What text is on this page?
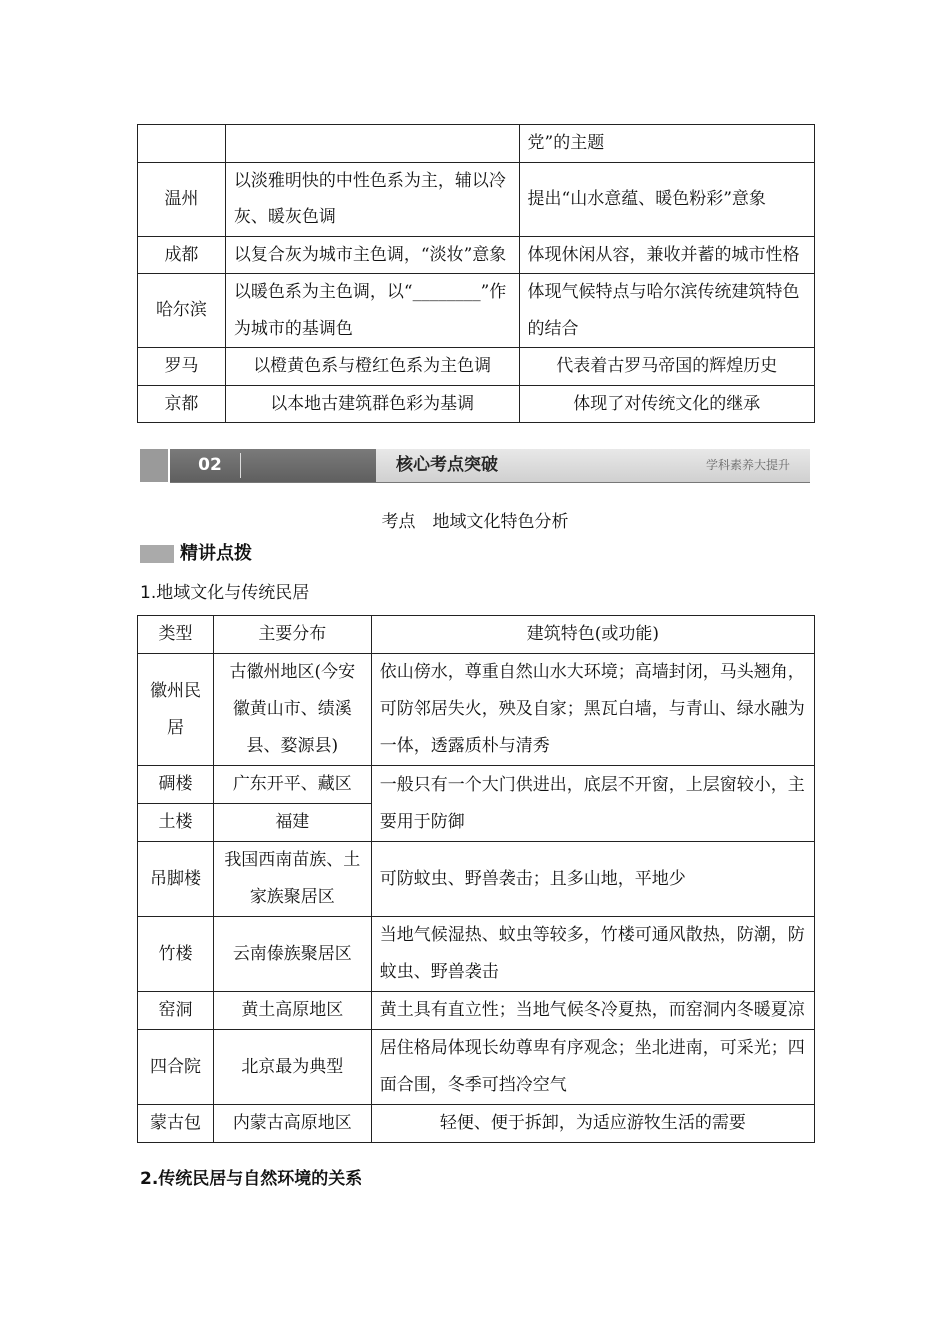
		党”的主题
温州	以淡雅明快的中性色系为主，辅以冷灰、暖灰色调	提出“山水意蕴、暖色粉彩”意象
成都	以复合灰为城市主色调，“淡妆”意象	体现休闲从容，兼收并蓄的城市性格
哈尔滨	以暖色系为主色调，以“________”作为城市的基调色	体现气候特点与哈尔滨传统建筑特色的结合
罗马	以橙黄色系与橙红色系为主色调	代表着古罗马帝国的辉煌历史
京都	以本地古建筑群色彩为基调	体现了对传统文化的继承
02	核心考点突破	学科素养大提升
考点　地域文化特色分析
精讲点拨
1.地域文化与传统民居
类型	主要分布	建筑特色(或功能)
徽州民居	古徽州地区(今安徽黄山市、绩溪县、婺源县)	依山傍水，尊重自然山水大环境；高墙封闭，马头翘角，可防邻居失火，殃及自家；黑瓦白墙，与青山、绿水融为一体，透露质朴与清秀
碉楼	广东开平、藏区	一般只有一个大门供进出，底层不开窗，上层窗较小，主要用于防御
土楼	福建	
吊脚楼	我国西南苗族、土家族聚居区	可防蚊虫、野兽袭击；且多山地，平地少
竹楼	云南傣族聚居区	当地气候湿热、蚊虫等较多，竹楼可通风散热，防潮，防蚊虫、野兽袭击
窑洞	黄土高原地区	黄土具有直立性；当地气候冬冷夏热，而窑洞内冬暖夏凉
四合院	北京最为典型	居住格局体现长幼尊卑有序观念；坐北进南，可采光；四面合围，冬季可挡冷空气
蒙古包	内蒙古高原地区	轻便、便于拆卸，为适应游牧生活的需要
2.传统民居与自然环境的关系
